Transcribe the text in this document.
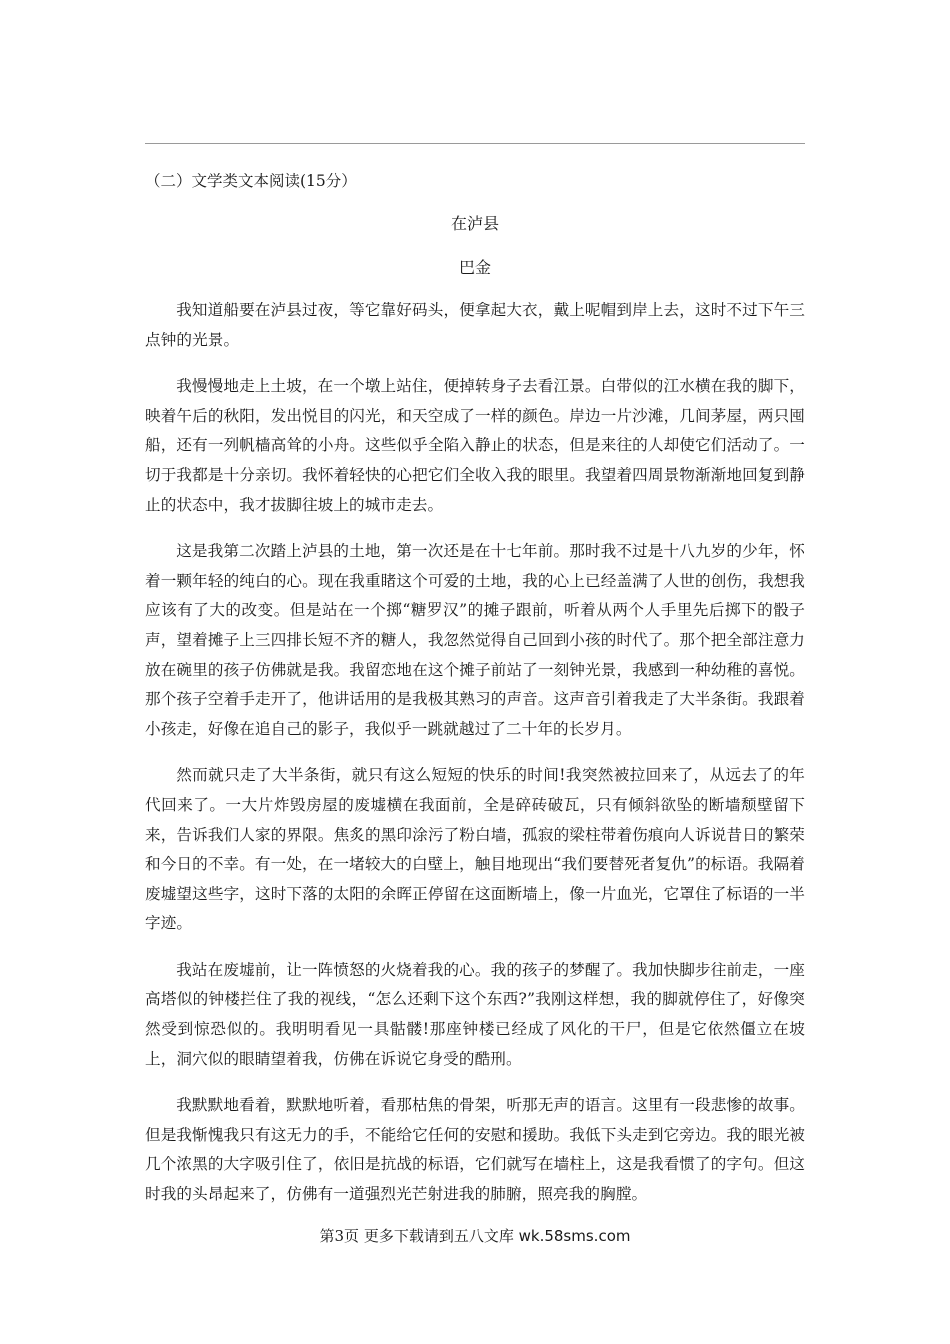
（二）文学类文本阅读(15分）
在泸县
巴金

我知道船要在泸县过夜，等它靠好码头，便拿起大衣，戴上呢帽到岸上去，这时不过下午三点钟的光景。

我慢慢地走上土坡，在一个墩上站住，便掉转身子去看江景。白带似的江水横在我的脚下，映着午后的秋阳，发出悦目的闪光，和天空成了一样的颜色。岸边一片沙滩，几间茅屋，两只囤船，还有一列帆樯高耸的小舟。这些似乎全陷入静止的状态，但是来往的人却使它们活动了。一切于我都是十分亲切。我怀着轻快的心把它们全收入我的眼里。我望着四周景物渐渐地回复到静止的状态中，我才拔脚往坡上的城市走去。

这是我第二次踏上泸县的土地，第一次还是在十七年前。那时我不过是十八九岁的少年，怀着一颗年轻的纯白的心。现在我重睹这个可爱的土地，我的心上已经盖满了人世的创伤，我想我应该有了大的改变。但是站在一个掷“糖罗汉”的摊子跟前，听着从两个人手里先后掷下的骰子声，望着摊子上三四排长短不齐的糖人，我忽然觉得自己回到小孩的时代了。那个把全部注意力放在碗里的孩子仿佛就是我。我留恋地在这个摊子前站了一刻钟光景，我感到一种幼稚的喜悦。那个孩子空着手走开了，他讲话用的是我极其熟习的声音。这声音引着我走了大半条街。我跟着小孩走，好像在追自己的影子，我似乎一跳就越过了二十年的长岁月。

然而就只走了大半条街，就只有这么短短的快乐的时间!我突然被拉回来了，从远去了的年代回来了。一大片炸毁房屋的废墟横在我面前，全是碎砖破瓦，只有倾斜欲坠的断墙颓壁留下来，告诉我们人家的界限。焦炙的黑印涂污了粉白墙，孤寂的梁柱带着伤痕向人诉说昔日的繁荣和今日的不幸。有一处，在一堵较大的白壁上，触目地现出“我们要替死者复仇”的标语。我隔着废墟望这些字，这时下落的太阳的余晖正停留在这面断墙上，像一片血光，它罩住了标语的一半字迹。

我站在废墟前，让一阵愤怒的火烧着我的心。我的孩子的梦醒了。我加快脚步往前走，一座高塔似的钟楼拦住了我的视线，“怎么还剩下这个东西?”我刚这样想，我的脚就停住了，好像突然受到惊恐似的。我明明看见一具骷髅!那座钟楼已经成了风化的干尸，但是它依然僵立在坡上，洞穴似的眼睛望着我，仿佛在诉说它身受的酷刑。

我默默地看着，默默地听着，看那枯焦的骨架，听那无声的语言。这里有一段悲惨的故事。但是我惭愧我只有这无力的手，不能给它任何的安慰和援助。我低下头走到它旁边。我的眼光被几个浓黑的大字吸引住了，依旧是抗战的标语，它们就写在墙柱上，这是我看惯了的字句。但这时我的头昂起来了，仿佛有一道强烈光芒射进我的肺腑，照亮我的胸膛。

第3页 更多下载请到五八文库 wk.58sms.com
